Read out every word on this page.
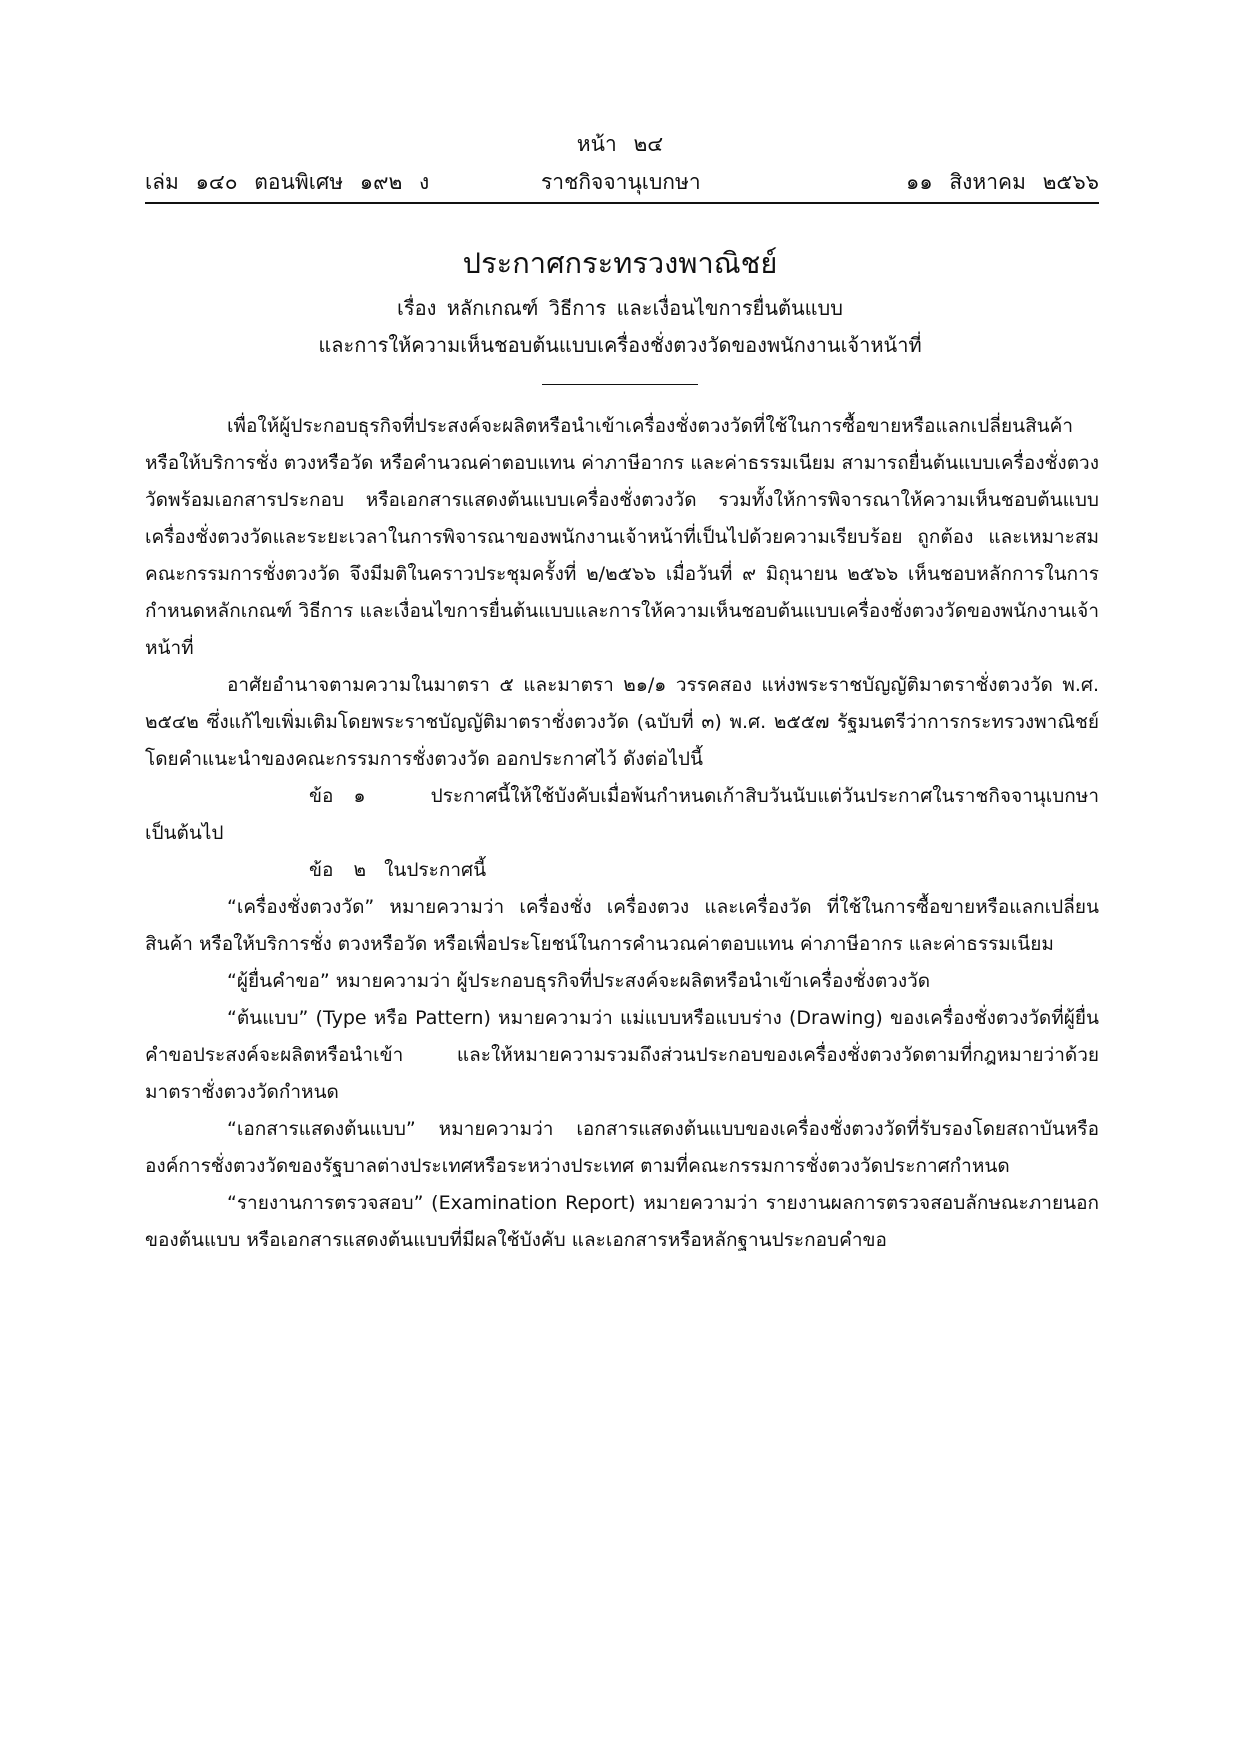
หน้า ๒๔
เล่ม ๑๔๐ ตอนพิเศษ ๑๙๒ ง	ราชกิจจานุเบกษา	๑๑ สิงหาคม ๒๕๖๖
ประกาศกระทรวงพาณิชย์
เรื่อง หลักเกณฑ์ วิธีการ และเงื่อนไขการยื่นต้นแบบ
และการให้ความเห็นชอบต้นแบบเครื่องชั่งตวงวัดของพนักงานเจ้าหน้าที่

เพื่อให้ผู้ประกอบธุรกิจที่ประสงค์จะผลิตหรือนำเข้าเครื่องชั่งตวงวัดที่ใช้ในการซื้อขายหรือแลกเปลี่ยนสินค้า หรือให้บริการชั่ง ตวงหรือวัด หรือคำนวณค่าตอบแทน ค่าภาษีอากร และค่าธรรมเนียม สามารถยื่นต้นแบบเครื่องชั่งตวงวัดพร้อมเอกสารประกอบ หรือเอกสารแสดงต้นแบบเครื่องชั่งตวงวัด รวมทั้งให้การพิจารณาให้ความเห็นชอบต้นแบบเครื่องชั่งตวงวัดและระยะเวลาในการพิจารณาของพนักงานเจ้าหน้าที่เป็นไปด้วยความเรียบร้อย ถูกต้อง และเหมาะสม คณะกรรมการชั่งตวงวัด จึงมีมติในคราวประชุมครั้งที่ ๒/๒๕๖๖ เมื่อวันที่ ๙ มิถุนายน ๒๕๖๖ เห็นชอบหลักการในการกำหนดหลักเกณฑ์ วิธีการ และเงื่อนไขการยื่นต้นแบบและการให้ความเห็นชอบต้นแบบเครื่องชั่งตวงวัดของพนักงานเจ้าหน้าที่

อาศัยอำนาจตามความในมาตรา ๕ และมาตรา ๒๑/๑ วรรคสอง แห่งพระราชบัญญัติมาตราชั่งตวงวัด พ.ศ. ๒๕๔๒ ซึ่งแก้ไขเพิ่มเติมโดยพระราชบัญญัติมาตราชั่งตวงวัด (ฉบับที่ ๓) พ.ศ. ๒๕๕๗ รัฐมนตรีว่าการกระทรวงพาณิชย์โดยคำแนะนำของคณะกรรมการชั่งตวงวัด ออกประกาศไว้ ดังต่อไปนี้

ข้อ ๑	ประกาศนี้ให้ใช้บังคับเมื่อพ้นกำหนดเก้าสิบวันนับแต่วันประกาศในราชกิจจานุเบกษาเป็นต้นไป

ข้อ ๒ ในประกาศนี้

“เครื่องชั่งตวงวัด” หมายความว่า เครื่องชั่ง เครื่องตวง และเครื่องวัด ที่ใช้ในการซื้อขายหรือแลกเปลี่ยนสินค้า หรือให้บริการชั่ง ตวงหรือวัด หรือเพื่อประโยชน์ในการคำนวณค่าตอบแทน ค่าภาษีอากร และค่าธรรมเนียม

“ผู้ยื่นคำขอ” หมายความว่า ผู้ประกอบธุรกิจที่ประสงค์จะผลิตหรือนำเข้าเครื่องชั่งตวงวัด

“ต้นแบบ” (Type หรือ Pattern) หมายความว่า แม่แบบหรือแบบร่าง (Drawing) ของเครื่องชั่งตวงวัดที่ผู้ยื่นคำขอประสงค์จะผลิตหรือนำเข้า และให้หมายความรวมถึงส่วนประกอบของเครื่องชั่งตวงวัดตามที่กฎหมายว่าด้วยมาตราชั่งตวงวัดกำหนด

“เอกสารแสดงต้นแบบ” หมายความว่า เอกสารแสดงต้นแบบของเครื่องชั่งตวงวัดที่รับรองโดยสถาบันหรือองค์การชั่งตวงวัดของรัฐบาลต่างประเทศหรือระหว่างประเทศ ตามที่คณะกรรมการชั่งตวงวัดประกาศกำหนด

“รายงานการตรวจสอบ” (Examination Report) หมายความว่า รายงานผลการตรวจสอบลักษณะภายนอกของต้นแบบ หรือเอกสารแสดงต้นแบบที่มีผลใช้บังคับ และเอกสารหรือหลักฐานประกอบคำขอ
